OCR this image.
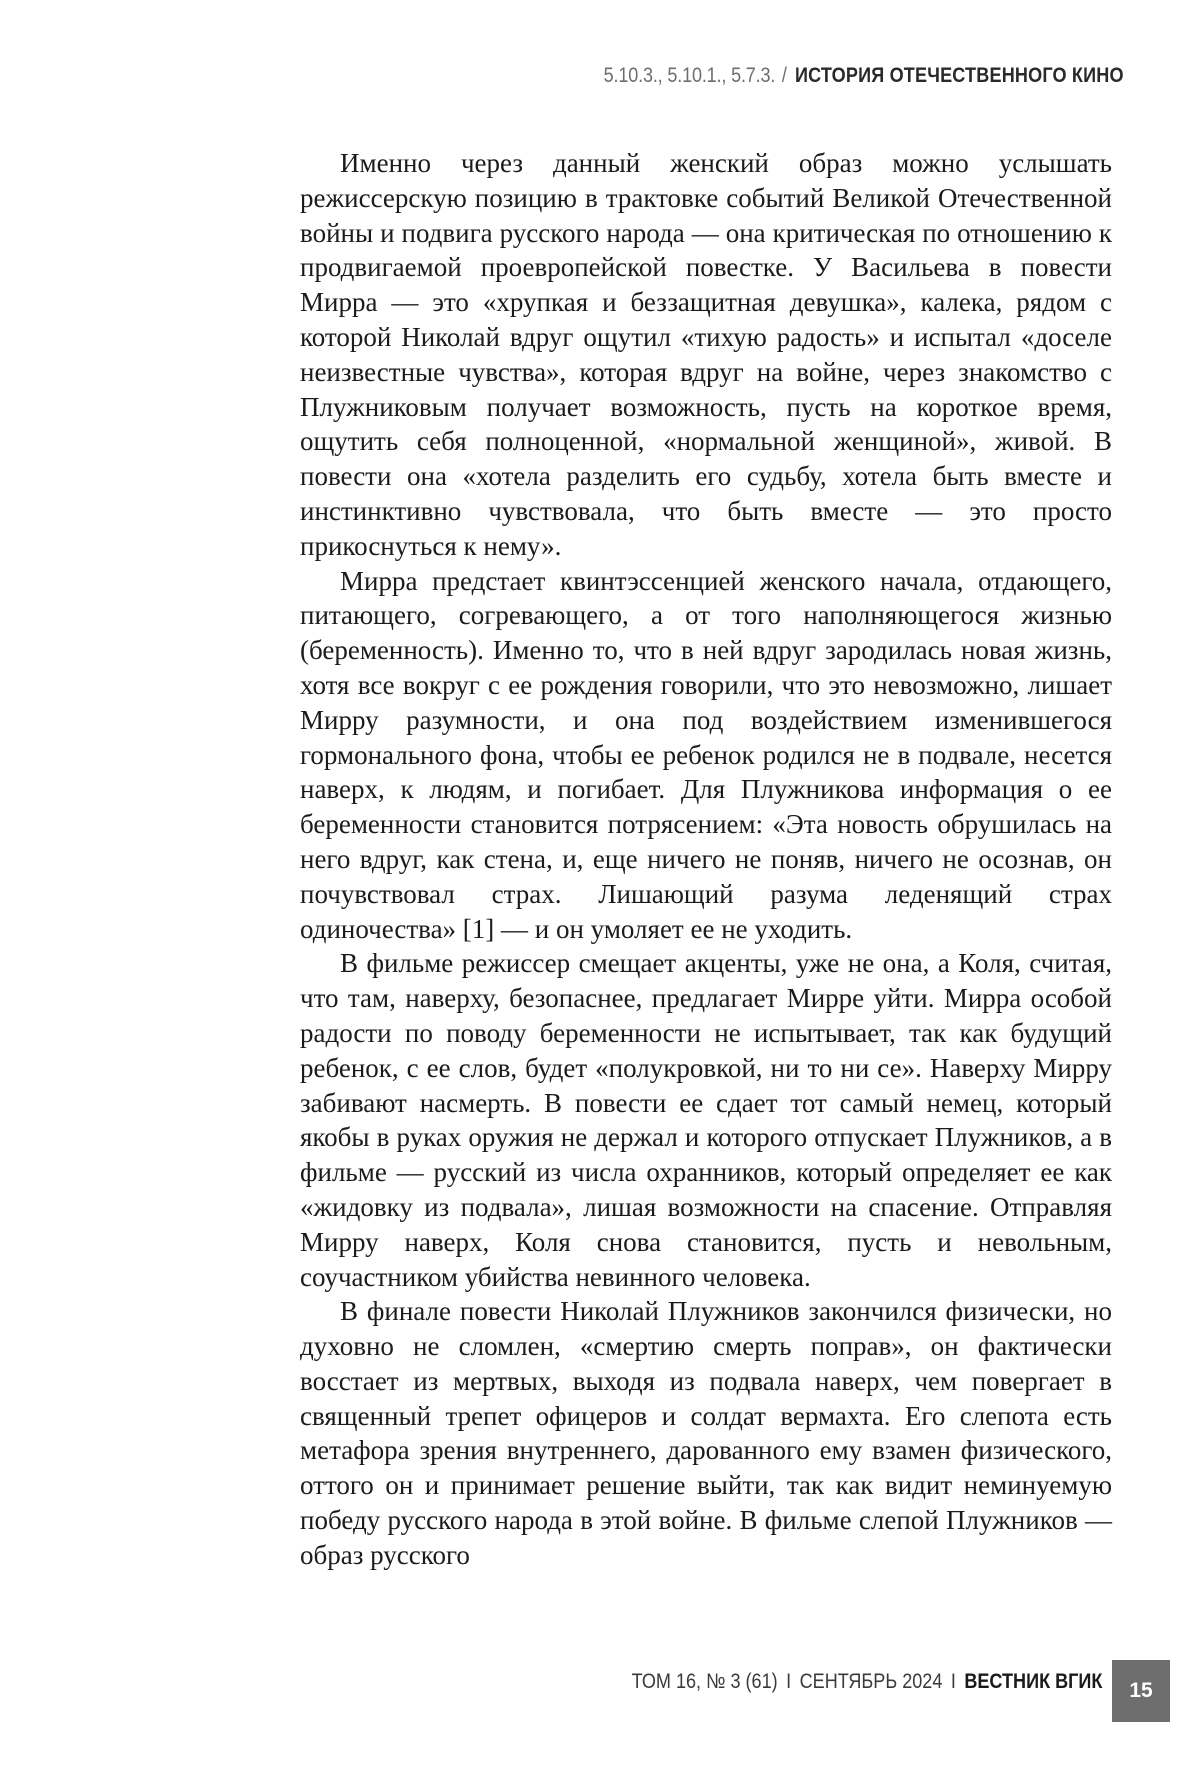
5.10.3., 5.10.1., 5.7.3. / ИСТОРИЯ ОТЕЧЕСТВЕННОГО КИНО

Именно через данный женский образ можно услышать режиссерскую позицию в трактовке событий Великой Отечественной войны и подвига русского народа — она критическая по отношению к продвигаемой проевропейской повестке. У Васильева в повести Мирра — это «хрупкая и беззащитная девушка», калека, рядом с которой Николай вдруг ощутил «тихую радость» и испытал «доселе неизвестные чувства», которая вдруг на войне, через знакомство с Плужниковым получает возможность, пусть на короткое время, ощутить себя полноценной, «нормальной женщиной», живой. В повести она «хотела разделить его судьбу, хотела быть вместе и инстинктивно чувствовала, что быть вместе — это просто прикоснуться к нему».

Мирра предстает квинтэссенцией женского начала, отдающего, питающего, согревающего, а от того наполняющегося жизнью (беременность). Именно то, что в ней вдруг зародилась новая жизнь, хотя все вокруг с ее рождения говорили, что это невозможно, лишает Мирру разумности, и она под воздействием изменившегося гормонального фона, чтобы ее ребенок родился не в подвале, несется наверх, к людям, и погибает. Для Плужникова информация о ее беременности становится потрясением: «Эта новость обрушилась на него вдруг, как стена, и, еще ничего не поняв, ничего не осознав, он почувствовал страх. Лишающий разума леденящий страх одиночества» [1] — и он умоляет ее не уходить.

В фильме режиссер смещает акценты, уже не она, а Коля, считая, что там, наверху, безопаснее, предлагает Мирре уйти. Мирра особой радости по поводу беременности не испытывает, так как будущий ребенок, с ее слов, будет «полукровкой, ни то ни се». Наверху Мирру забивают насмерть. В повести ее сдает тот самый немец, который якобы в руках оружия не держал и которого отпускает Плужников, а в фильме — русский из числа охранников, который определяет ее как «жидовку из подвала», лишая возможности на спасение. Отправляя Мирру наверх, Коля снова становится, пусть и невольным, соучастником убийства невинного человека.

В финале повести Николай Плужников закончился физически, но духовно не сломлен, «смертию смерть поправ», он фактически восстает из мертвых, выходя из подвала наверх, чем повергает в священный трепет офицеров и солдат вермахта. Его слепота есть метафора зрения внутреннего, дарованного ему взамен физического, оттого он и принимает решение выйти, так как видит неминуемую победу русского народа в этой войне. В фильме слепой Плужников — образ русского

ТОМ 16, № 3 (61) I СЕНТЯБРЬ 2024 I ВЕСТНИК ВГИК	15
